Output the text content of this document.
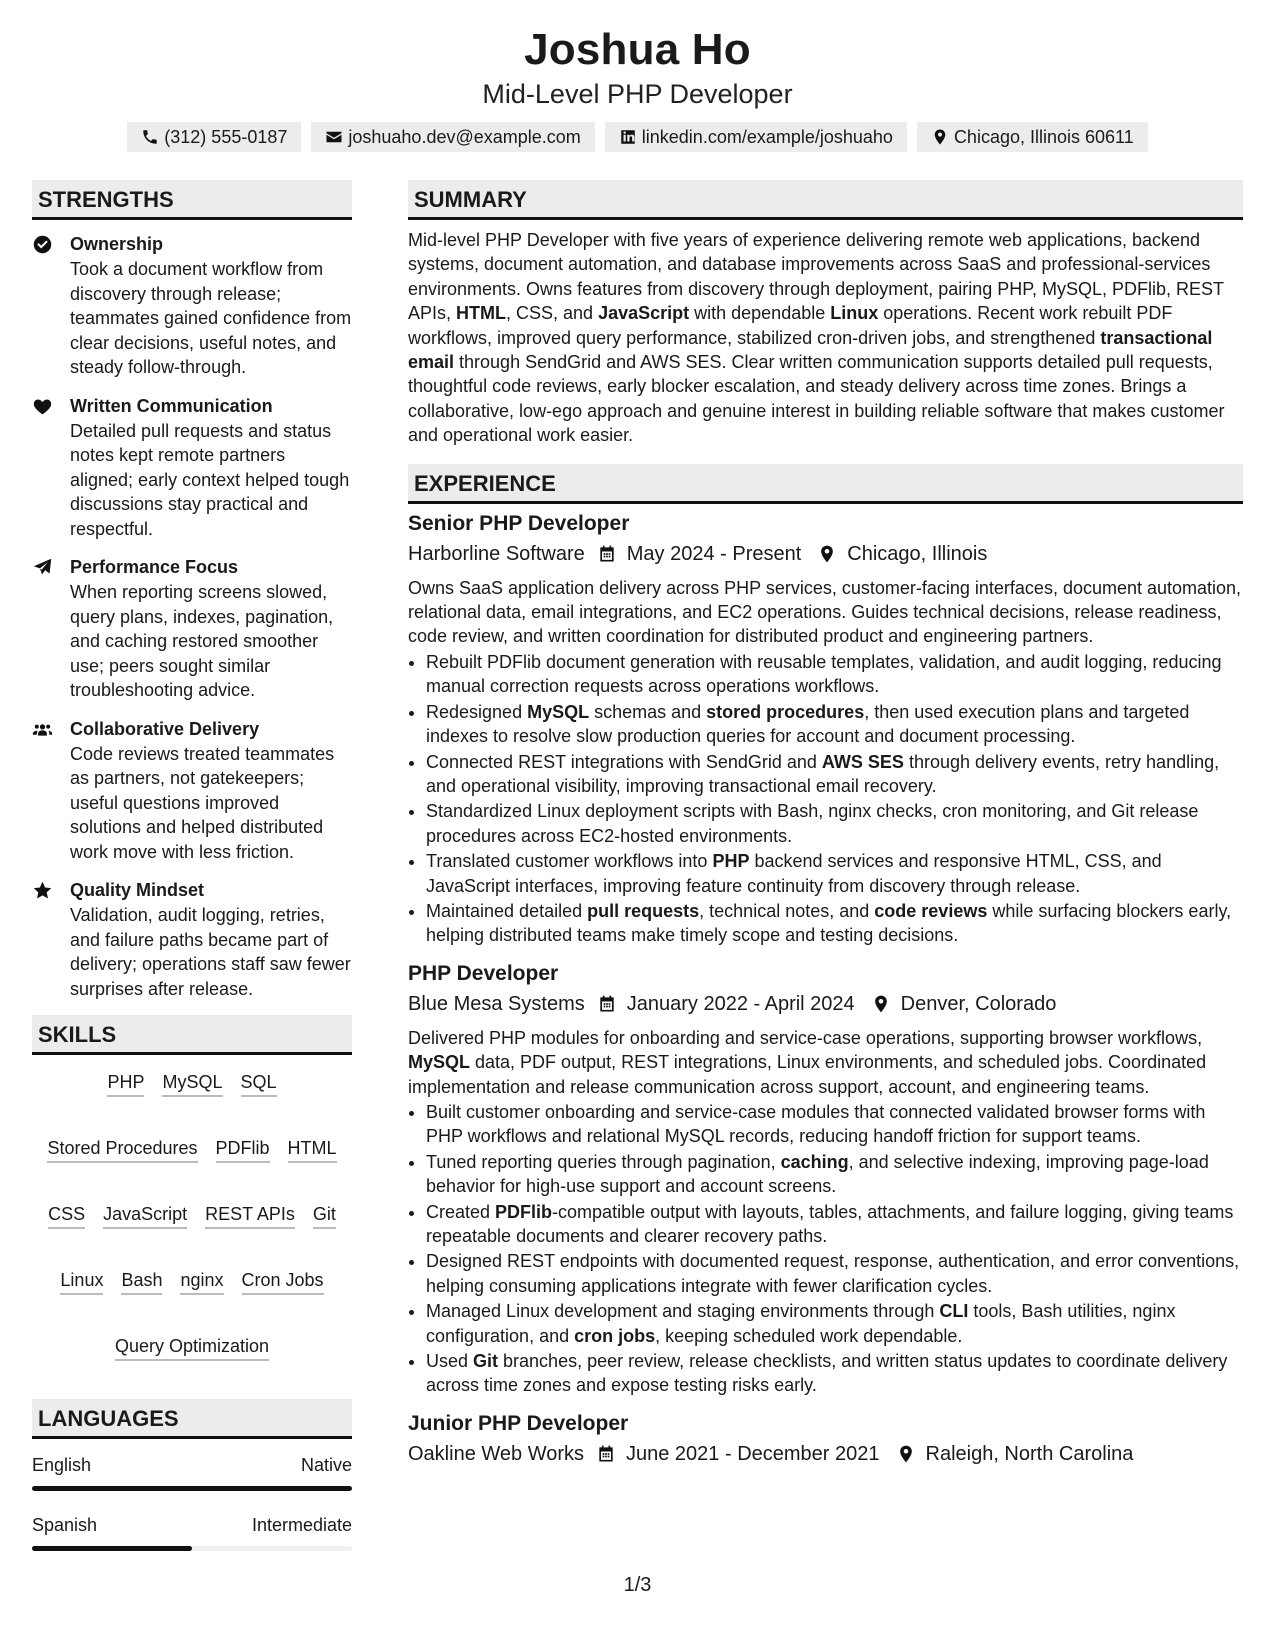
Joshua Ho
Mid-Level PHP Developer
(312) 555-0187	joshuaho.dev@example.com	linkedin.com/example/joshuaho	Chicago, Illinois 60611
STRENGTHS
Ownership
Took a document workflow from discovery through release; teammates gained confidence from clear decisions, useful notes, and steady follow-through.
Written Communication
Detailed pull requests and status notes kept remote partners aligned; early context helped tough discussions stay practical and respectful.
Performance Focus
When reporting screens slowed, query plans, indexes, pagination, and caching restored smoother use; peers sought similar troubleshooting advice.
Collaborative Delivery
Code reviews treated teammates as partners, not gatekeepers; useful questions improved solutions and helped distributed work move with less friction.
Quality Mindset
Validation, audit logging, retries, and failure paths became part of delivery; operations staff saw fewer surprises after release.
SKILLS
PHP MySQL SQL
Stored Procedures PDFlib HTML
CSS JavaScript REST APIs Git
Linux Bash nginx Cron Jobs
Query Optimization
LANGUAGES
English	Native
Spanish	Intermediate
SUMMARY
Mid-level PHP Developer with five years of experience delivering remote web applications, backend systems, document automation, and database improvements across SaaS and professional-services environments. Owns features from discovery through deployment, pairing PHP, MySQL, PDFlib, REST APIs, HTML, CSS, and JavaScript with dependable Linux operations. Recent work rebuilt PDF workflows, improved query performance, stabilized cron-driven jobs, and strengthened transactional email through SendGrid and AWS SES. Clear written communication supports detailed pull requests, thoughtful code reviews, early blocker escalation, and steady delivery across time zones. Brings a collaborative, low-ego approach and genuine interest in building reliable software that makes customer and operational work easier.
EXPERIENCE
Senior PHP Developer
Harborline Software May 2024 - Present Chicago, Illinois
Owns SaaS application delivery across PHP services, customer-facing interfaces, document automation, relational data, email integrations, and EC2 operations. Guides technical decisions, release readiness, code review, and written coordination for distributed product and engineering partners.
• Rebuilt PDFlib document generation with reusable templates, validation, and audit logging, reducing manual correction requests across operations workflows.
• Redesigned MySQL schemas and stored procedures, then used execution plans and targeted indexes to resolve slow production queries for account and document processing.
• Connected REST integrations with SendGrid and AWS SES through delivery events, retry handling, and operational visibility, improving transactional email recovery.
• Standardized Linux deployment scripts with Bash, nginx checks, cron monitoring, and Git release procedures across EC2-hosted environments.
• Translated customer workflows into PHP backend services and responsive HTML, CSS, and JavaScript interfaces, improving feature continuity from discovery through release.
• Maintained detailed pull requests, technical notes, and code reviews while surfacing blockers early, helping distributed teams make timely scope and testing decisions.
PHP Developer
Blue Mesa Systems January 2022 - April 2024 Denver, Colorado
Delivered PHP modules for onboarding and service-case operations, supporting browser workflows, MySQL data, PDF output, REST integrations, Linux environments, and scheduled jobs. Coordinated implementation and release communication across support, account, and engineering teams.
• Built customer onboarding and service-case modules that connected validated browser forms with PHP workflows and relational MySQL records, reducing handoff friction for support teams.
• Tuned reporting queries through pagination, caching, and selective indexing, improving page-load behavior for high-use support and account screens.
• Created PDFlib-compatible output with layouts, tables, attachments, and failure logging, giving teams repeatable documents and clearer recovery paths.
• Designed REST endpoints with documented request, response, authentication, and error conventions, helping consuming applications integrate with fewer clarification cycles.
• Managed Linux development and staging environments through CLI tools, Bash utilities, nginx configuration, and cron jobs, keeping scheduled work dependable.
• Used Git branches, peer review, release checklists, and written status updates to coordinate delivery across time zones and expose testing risks early.
Junior PHP Developer
Oakline Web Works June 2021 - December 2021 Raleigh, North Carolina
1/3
